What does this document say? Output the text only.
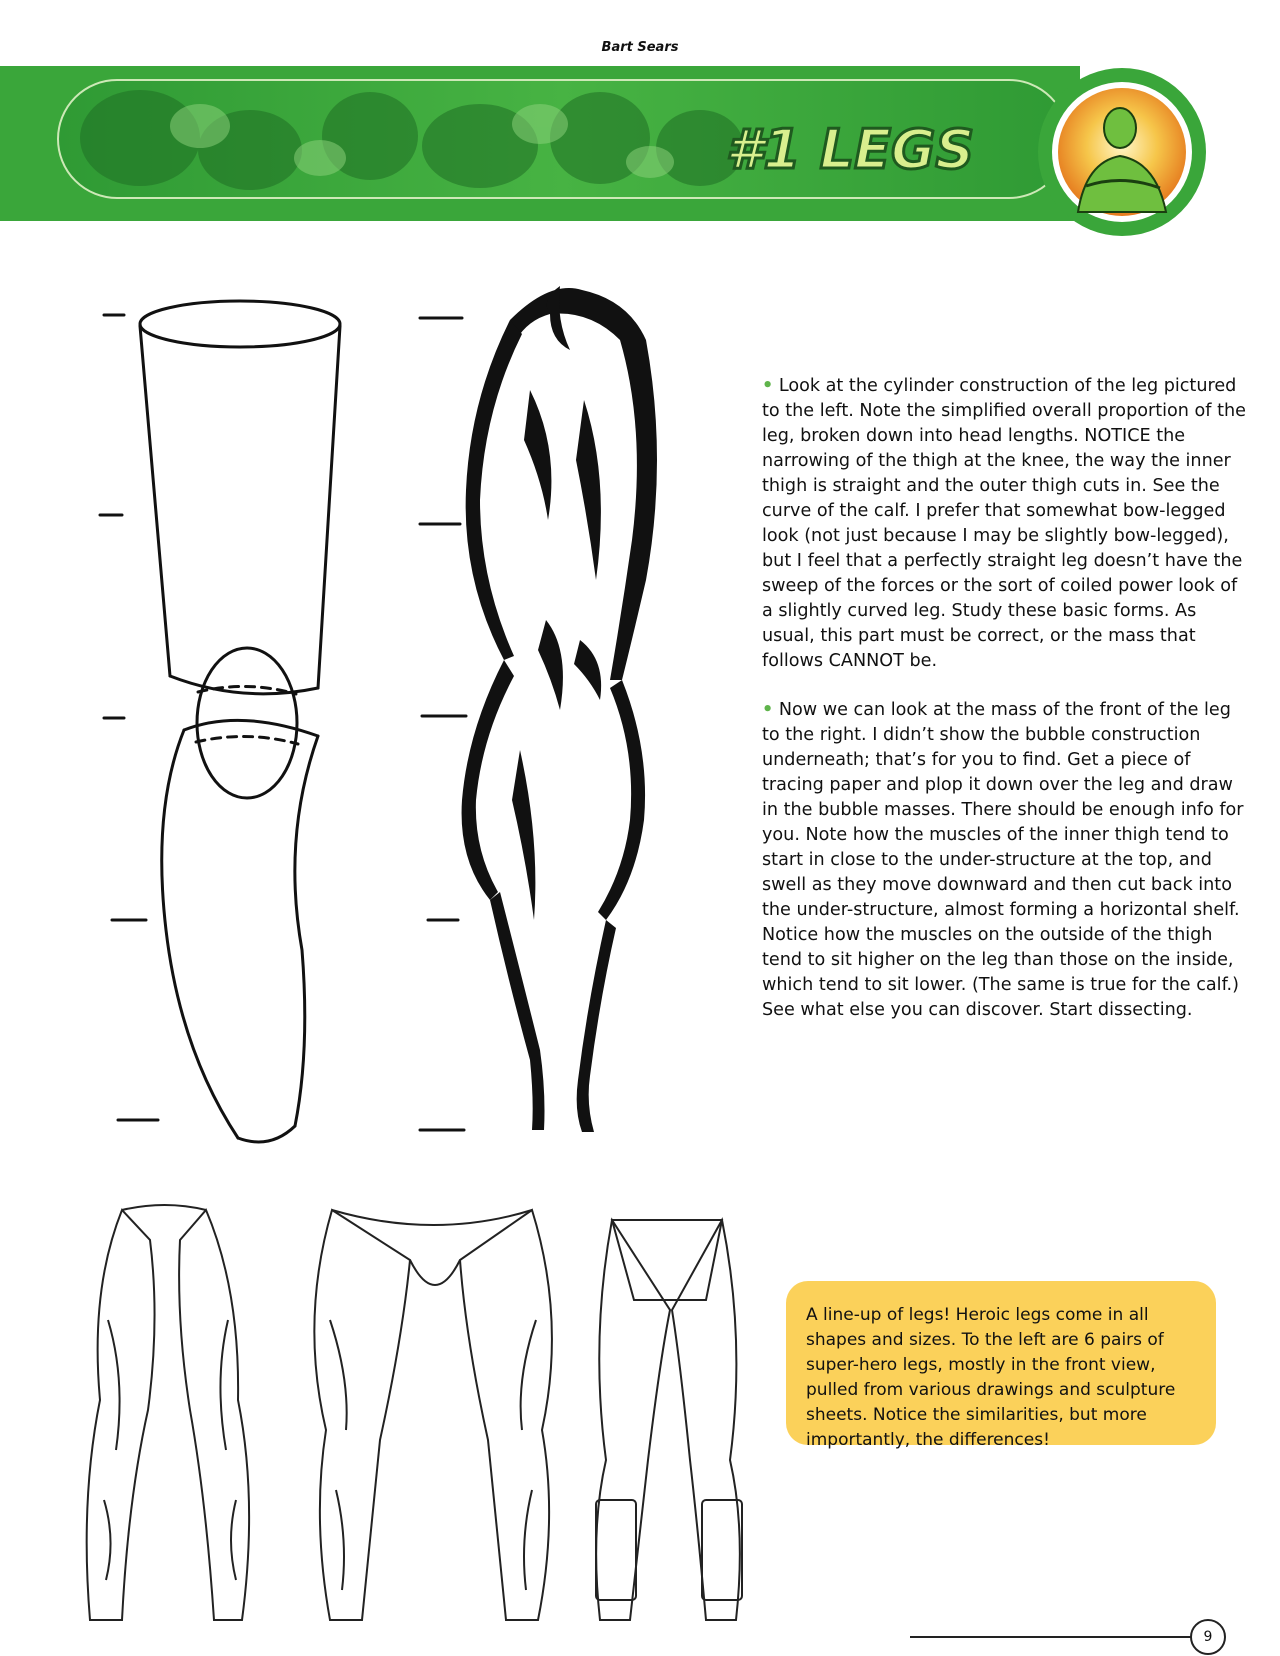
Bart Sears
#1 LEGS

• Look at the cylinder construction of the leg pictured to the left. Note the simplified overall proportion of the leg, broken down into head lengths. NOTICE the narrowing of the thigh at the knee, the way the inner thigh is straight and the outer thigh cuts in. See the curve of the calf. I prefer that somewhat bow-legged look (not just because I may be slightly bow-legged), but I feel that a perfectly straight leg doesn’t have the sweep of the forces or the sort of coiled power look of a slightly curved leg. Study these basic forms. As usual, this part must be correct, or the mass that follows CANNOT be.

• Now we can look at the mass of the front of the leg to the right. I didn’t show the bubble construction underneath; that’s for you to find. Get a piece of tracing paper and plop it down over the leg and draw in the bubble masses. There should be enough info for you. Note how the muscles of the inner thigh tend to start in close to the under-structure at the top, and swell as they move downward and then cut back into the under-structure, almost forming a horizontal shelf. Notice how the muscles on the outside of the thigh tend to sit higher on the leg than those on the inside, which tend to sit lower. (The same is true for the calf.) See what else you can discover. Start dissecting.

A line-up of legs! Heroic legs come in all shapes and sizes. To the left are 6 pairs of super-hero legs, mostly in the front view, pulled from various drawings and sculpture sheets. Notice the similarities, but more importantly, the differences!
9
